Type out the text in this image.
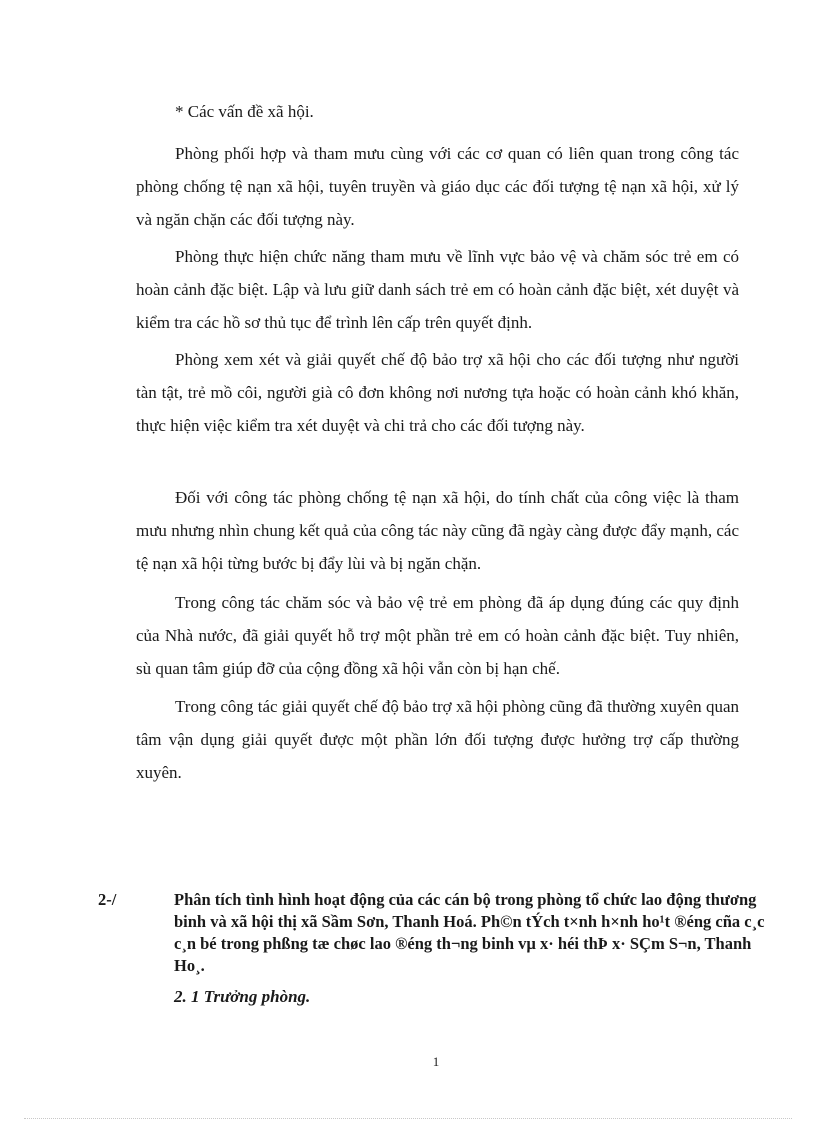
* Các vấn đề xã hội.

Phòng phối hợp và tham mưu cùng với các cơ quan có liên quan trong công tác phòng chống tệ nạn xã hội, tuyên truyền và giáo dục các đối tượng tệ nạn xã hội, xử lý và ngăn chặn các đối tượng này.

Phòng thực hiện chức năng tham mưu về lĩnh vực bảo vệ và chăm sóc trẻ em có hoàn cảnh đặc biệt. Lập và lưu giữ danh sách trẻ em có hoàn cảnh đặc biệt, xét duyệt và kiểm tra các hồ sơ thủ tục để trình lên cấp trên quyết định.

Phòng xem xét và giải quyết chế độ bảo trợ xã hội cho các đối tượng như người tàn tật, trẻ mồ côi, người già cô đơn không nơi nương tựa hoặc có hoàn cảnh khó khăn, thực hiện việc kiểm tra xét duyệt và chi trả cho các đối tượng này.

Đối với công tác phòng chống tệ nạn xã hội, do tính chất của công việc là tham mưu nhưng nhìn chung kết quả của công tác này cũng đã ngày càng được đẩy mạnh, các tệ nạn xã hội từng bước bị đẩy lùi và bị ngăn chặn.

Trong công tác chăm sóc và bảo vệ trẻ em phòng đã áp dụng đúng các quy định của Nhà nước, đã giải quyết hỗ trợ một phần trẻ em có hoàn cảnh đặc biệt. Tuy nhiên, sù quan tâm giúp đỡ của cộng đồng xã hội vẫn còn bị hạn chế.

Trong công tác giải quyết chế độ bảo trợ xã hội phòng cũng đã thường xuyên quan tâm vận dụng giải quyết được một phần lớn đối tượng được hưởng trợ cấp thường xuyên.

2-/	Phân tích tình hình hoạt động của các cán bộ trong phòng tổ chức lao động thương binh và xã hội thị xã Sầm Sơn, Thanh Hoá. Ph©n tÝch t×nh h×nh ho¹t ®éng cña c¸c c¸n bé trong phßng tæ chøc lao ®éng th¬ng binh vµ x· héi thÞ x· SÇm S¬n, Thanh Ho¸.

2. 1 Trưởng phòng.

1
